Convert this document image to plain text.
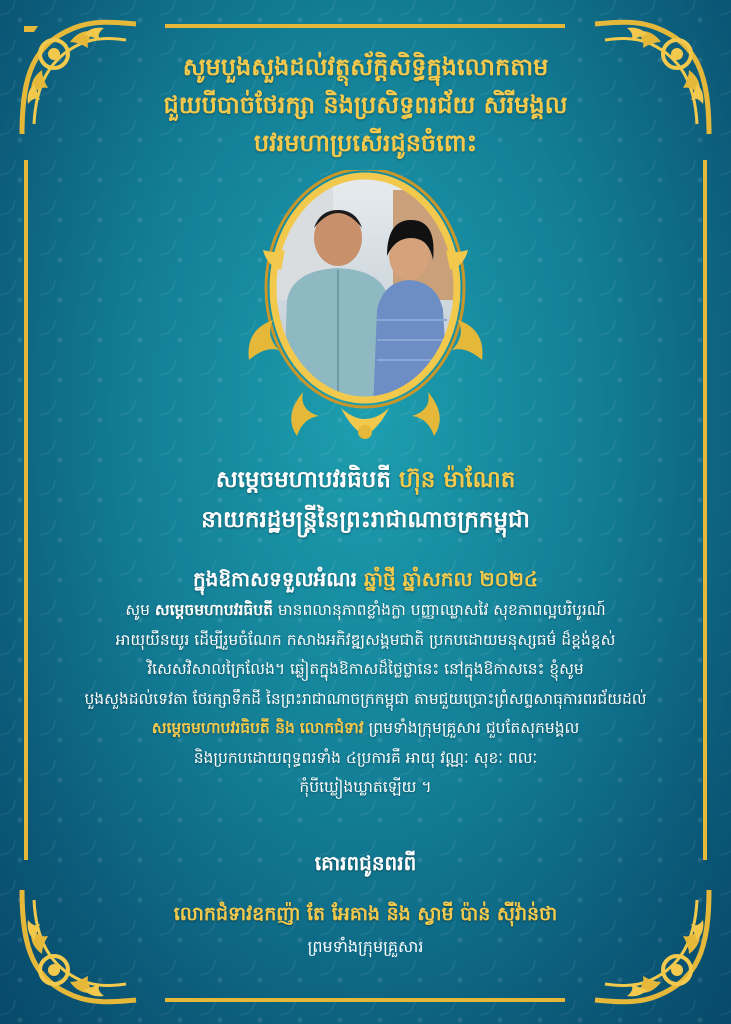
សូមបួងសួងដល់វត្ថុស័ក្តិសិទ្ធិក្នុងលោកតាម
ជួយបីបាច់ថែរក្សា និងប្រសិទ្ធពរជ័យ សិរីមង្គល
បវរមហាប្រសើរជូនចំពោះ
សម្តេចមហាបវរធិបតី ហ៊ុន ម៉ាណែត
នាយករដ្ឋមន្ត្រីនៃព្រះរាជាណាចក្រកម្ពុជា
ក្នុងឱកាសទទួលអំណរ ឆ្នាំថ្មី ឆ្នាំសកល ២០២៤
សូម សម្តេចមហាបវរធិបតី មានពលានុភាពខ្លាំងក្លា បញ្ញាឈ្លាសវៃ សុខភាពល្អបរិបូរណ៍
អាយុយឺនយូរ ដើម្បីរួមចំណែក កសាងអភិវឌ្ឍសង្គមជាតិ ប្រកបដោយមនុស្សធម៌ ដ៏ខ្ពង់ខ្ពស់
វិសេសវិសាលក្រៃលែង។ ឆ្លៀតក្នុងឱកាសដ៏ថ្លៃថ្លានេះ នៅក្នុងឱកាសនេះ ខ្ញុំសូម
បួងសួងដល់ទេវតា ថែរក្សាទឹកដី នៃព្រះរាជាណាចក្រកម្ពុជា តាមជួយប្រោះព្រំសព្ទសាធុការពរជ័យដល់
សម្តេចមហាបវរធិបតី និង លោកជំទាវ ព្រមទាំងក្រុមគ្រួសារ ជួបតែសុភមង្គល
និងប្រកបដោយពុទ្ធពរទាំង ៤ប្រការគឺ អាយុ វណ្ណៈ សុខៈ ពលៈ
កុំបីឃ្លៀងឃ្លាតឡើយ ។
គោរពជូនពរពី
លោកជំទាវឧកញ៉ា តែ អែគាង និង ស្វាមី ប៉ាន់ ស៊ីវ៉ាន់ថា
ព្រមទាំងក្រុមគ្រួសារ
